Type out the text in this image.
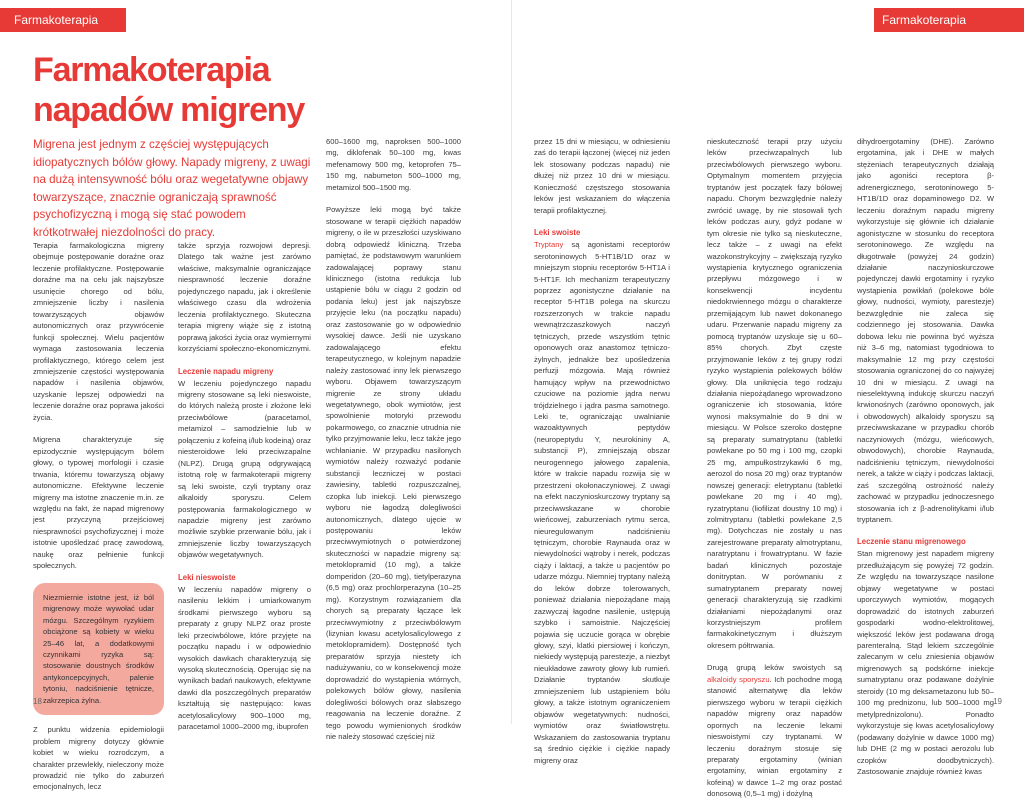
Farmakoterapia
Farmakoterapia
napadów migreny

Migrena jest jednym z częściej występujących idiopatycznych bólów głowy. Napady migreny, z uwagi na dużą intensywność bólu oraz wegetatywne objawy towarzyszące, znacznie ograniczają sprawność psychofizyczną i mogą się stać powodem krótkotrwałej niezdolności do pracy.

Terapia farmakologiczna migreny obejmuje postępowanie doraźne oraz leczenie profilaktyczne. Postępowanie doraźne ma na celu jak najszybsze usunięcie chorego od bólu, zmniejszenie liczby i nasilenia towarzyszących objawów autonomicznych oraz przywrócenie funkcji społecznej. Wielu pacjentów wymaga zastosowania leczenia profilaktycznego, którego celem jest zmniejszenie częstości występowania napadów i nasilenia objawów, uzyskanie lepszej odpowiedzi na leczenie doraźne oraz poprawa jakości życia.

Migrena charakteryzuje się epizodycznie występującym bólem głowy, o typowej morfologii i czasie trwania, któremu towarzyszą objawy autonomiczne. Efektywne leczenie migreny ma istotne znaczenie m.in. ze względu na fakt, że napad migrenowy jest przyczyną przejściowej niesprawności psychofizycznej i może istotnie upośledzać pracę zawodową, naukę oraz pełnienie funkcji społecznych.

Niezmiernie istotne jest, iż ból migrenowy może wywołać udar mózgu. Szczególnym ryzykiem obciążone są kobiety w wieku 25–46 lat, a dodatkowymi czynnikami ryzyka są: stosowanie doustnych środków antykoncepcyjnych, palenie tytoniu, nadciśnienie tętnicze, zakrzepica żylna.

Z punktu widzenia epidemiologii problem migreny dotyczy głównie kobiet w wieku rozrodczym, a charakter przewlekły, nieleczony może prowadzić nie tylko do zaburzeń emocjonalnych, lecz

także sprzyja rozwojowi depresji. Dlatego tak ważne jest zarówno właściwe, maksymalnie ograniczające niesprawność leczenie doraźne pojedynczego napadu, jak i określenie właściwego czasu dla wdrożenia leczenia profilaktycznego. Skuteczna terapia migreny wiąże się z istotną poprawą jakości życia oraz wymiernymi korzyściami społeczno-ekonomicznymi.

Leczenie napadu migreny

W leczeniu pojedynczego napadu migreny stosowane są leki nieswoiste, do których należą proste i złożone leki przeciwbólowe (paracetamol, metamizol – samodzielnie lub w połączeniu z kofeiną i/lub kodeiną) oraz niesteroidowe leki przeciwzapalne (NLPZ). Drugą grupą odgrywającą istotną rolę w farmakoterapii migreny są leki swoiste, czyli tryptany oraz alkaloidy sporyszu. Celem postępowania farmakologicznego w napadzie migreny jest zarówno możliwie szybkie przerwanie bólu, jak i zmniejszenie liczby towarzyszących objawów wegetatywnych.

Leki nieswoiste

W leczeniu napadów migreny o nasileniu lekkim i umiarkowanym środkami pierwszego wyboru są preparaty z grupy NLPZ oraz proste leki przeciwbólowe, które przyjęte na początku napadu i w odpowiednio wysokich dawkach charakteryzują się wysoką skutecznością. Operując się na wynikach badań naukowych, efektywne dawki dla poszczególnych preparatów kształtują się następująco: kwas acetylosalicylowy 900–1000 mg, paracetamol 1000–2000 mg, ibuprofen

600–1600 mg, naproksen 500–1000 mg, diklofenak 50–100 mg, kwas mefenamowy 500 mg, ketoprofen 75–150 mg, nabumeton 500–1000 mg, metamizol 500–1500 mg.

Powyższe leki mogą być także stosowane w terapii ciężkich napadów migreny, o ile w przeszłości uzyskiwano dobrą odpowiedź kliniczną. Trzeba pamiętać, że podstawowym warunkiem zadowalającej poprawy stanu klinicznego (istotna redukcja lub ustąpienie bólu w ciągu 2 godzin od podania leku) jest jak najszybsze przyjęcie leku (na początku napadu) oraz zastosowanie go w odpowiednio wysokiej dawce. Jeśli nie uzyskano zadowalającego efektu terapeutycznego, w kolejnym napadzie należy zastosować inny lek pierwszego wyboru. Objawem towarzyszącym migrenie ze strony układu wegetatywnego, obok wymiotów, jest spowolnienie motoryki przewodu pokarmowego, co znacznie utrudnia nie tylko przyjmowanie leku, lecz także jego wchłanianie. W przypadku nasilonych wymiotów należy rozważyć podanie substancji leczniczej w postaci zawiesiny, tabletki rozpuszczalnej, czopka lub iniekcji. Leki pierwszego wyboru nie łagodzą dolegliwości autonomicznych, dlatego ujęcie w postępowaniu leków przeciwwymiotnych o potwierdzonej skuteczności w napadzie migreny są: metoklopramid (10 mg), a także domperidon (20–60 mg), tietylperazyna (6,5 mg) oraz prochlorperazyna (10–25 mg). Korzystnym rozwiązaniem dla chorych są preparaty łączące lek przeciwwymiotny z przeciwbólowym (lizynian kwasu acetylosalicylowego z metoklopramidem). Dostępność tych preparatów sprzyja niestety ich nadużywaniu, co w konsekwencji może doprowadzić do wystąpienia wtórnych, polekowych bólów głowy, nasilenia dolegliwości bólowych oraz słabszego reagowania na leczenie doraźne. Z tego powodu wymienionych środków nie należy stosować częściej niż

18
Farmakoterapia

przez 15 dni w miesiącu, w odniesieniu zaś do terapii łączonej (więcej niż jeden lek stosowany podczas napadu) nie dłużej niż przez 10 dni w miesiącu. Konieczność częstszego stosowania leków jest wskazaniem do włączenia terapii profilaktycznej.

Leki swoiste

Tryptany są agonistami receptorów serotoninowych 5-HT1B/1D oraz w mniejszym stopniu receptorów 5-HT1A i 5-HT1F. Ich mechanizm terapeutyczny poprzez agonistyczne działanie na receptor 5-HT1B polega na skurczu rozszerzonych w trakcie napadu wewnątrzczaszkowych naczyń tętniczych, przede wszystkim tętnic oponowych oraz anastomoz tętniczo-żylnych, jednakże bez upośledzenia perfuzji mózgowia. Mają również hamujący wpływ na przewodnictwo czuciowe na poziomie jądra nerwu trójdzielnego i jądra pasma samotnego. Leki te, ograniczając uwalnianie wazoaktywnych peptydów (neuropeptydu Y, neurokininy A, substancji P), zmniejszają obszar neurogennego jałowego zapalenia, które w trakcie napadu rozwija się w przestrzeni okołonaczyniowej. Z uwagi na efekt naczynioskurczowy tryptany są przeciwwskazane w chorobie wieńcowej, zaburzeniach rytmu serca, nieuregulowanym nadciśnieniu tętniczym, chorobie Raynauda oraz w niewydolności wątroby i nerek, podczas ciąży i laktacji, a także u pacjentów po udarze mózgu. Niemniej tryptany należą do leków dobrze tolerowanych, ponieważ działania niepożądane mają zazwyczaj łagodne nasilenie, ustępują szybko i samoistnie. Najczęściej pojawia się uczucie gorąca w obrębie głowy, szyi, klatki piersiowej i kończyn, niekiedy występują parestezje, a niezbyt nieukładowe zawroty głowy lub rumień. Działanie tryptanów skutkuje zmniejszeniem lub ustąpieniem bólu głowy, a także istotnym ograniczeniem objawów wegetatywnych: nudności, wymiotów oraz światłowstrętu. Wskazaniem do zastosowania tryptanu są średnio ciężkie i ciężkie napady migreny oraz

nieskuteczność terapii przy użyciu leków przeciwzapalnych lub przeciwbólowych pierwszego wyboru. Optymalnym momentem przyjęcia tryptanów jest początek fazy bólowej napadu. Chorym bezwzględnie należy zwrócić uwagę, by nie stosowali tych leków podczas aury, gdyż podane w tym okresie nie tylko są nieskuteczne, lecz także – z uwagi na efekt wazokonstrykcyjny – zwiększają ryzyko wystąpienia krytycznego ograniczenia przepływu mózgowego i w konsekwencji incydentu niedokrwiennego mózgu o charakterze przemijającym lub nawet dokonanego udaru. Przerwanie napadu migreny za pomocą tryptanów uzyskuje się u 60–85% chorych. Zbyt częste przyjmowanie leków z tej grupy rodzi ryzyko wystąpienia polekowych bólów głowy. Dla uniknięcia tego rodzaju działania niepożądanego wprowadzono ograniczenie ich stosowania, które wynosi maksymalnie do 9 dni w miesiącu. W Polsce szeroko dostępne są preparaty sumatryptanu (tabletki powlekane po 50 mg i 100 mg, czopki 25 mg, ampułkostrzykawki 6 mg, aerozol do nosa 20 mg) oraz tryptanów nowszej generacji: eletryptanu (tabletki powlekane 20 mg i 40 mg), ryzatryptanu (liofilizat doustny 10 mg) i zolmitryptanu (tabletki powlekane 2,5 mg). Dotychczas nie zostały u nas zarejestrowane preparaty almotryptanu, naratryptanu i frowatryptanu. W fazie badań klinicznych pozostaje donitryptan. W porównaniu z sumatryptanem preparaty nowej generacji charakteryzują się rzadkimi działaniami niepożądanymi oraz korzystniejszym profilem farmakokinetycznym i dłuższym okresem półtrwania.

Drugą grupą leków swoistych są alkaloidy sporyszu. Ich pochodne mogą stanowić alternatywę dla leków pierwszego wyboru w terapii ciężkich napadów migreny oraz napadów opornych na leczenie lekami nieswoistymi czy tryptanami. W leczeniu doraźnym stosuje się preparaty ergotaminy (winian ergotaminy, winian ergotaminy z kofeiną) w dawce 1–2 mg oraz postać donosową (0,5–1 mg) i dożylną

dihydroergotaminy (DHE). Zarówno ergotamina, jak i DHE w małych stężeniach terapeutycznych działają jako agoniści receptora β-adrenergicznego, serotoninowego 5-HT1B/1D oraz dopaminowego D2. W leczeniu doraźnym napadu migreny wykorzystuje się głównie ich działanie agonistyczne w stosunku do receptora serotoninowego. Ze względu na długotrwałe (powyżej 24 godzin) działanie naczynioskurczowe pojedynczej dawki ergotaminy i ryzyko wystąpienia powikłań (polekowe bóle głowy, nudności, wymioty, parestezje) bezwzględnie nie zaleca się codziennego jej stosowania. Dawka dobowa leku nie powinna być wyższa niż 3–6 mg, natomiast tygodniowa to maksymalnie 12 mg przy częstości stosowania ograniczonej do co najwyżej 10 dni w miesiącu. Z uwagi na nieselektywną indukcję skurczu naczyń krwionośnych (zarówno oponowych, jak i obwodowych) alkaloidy sporyszu są przeciwwskazane w przypadku chorób naczyniowych (mózgu, wieńcowych, obwodowych), chorobie Raynauda, nadciśnieniu tętniczym, niewydolności nerek, a także w ciąży i podczas laktacji, zaś szczególną ostrożność należy zachować w przypadku jednoczesnego stosowania ich z β-adrenolitykami i/lub tryptanem.

Leczenie stanu migrenowego

Stan migrenowy jest napadem migreny przedłużającym się powyżej 72 godzin. Ze względu na towarzyszące nasilone objawy wegetatywne w postaci uporczywych wymiotów, mogących doprowadzić do istotnych zaburzeń gospodarki wodno-elektrolitowej, większość leków jest podawana drogą parenteralną. Stąd lekiem szczególnie zalecanym w celu zniesienia objawów migrenowych są podskórne iniekcje sumatryptanu oraz podawane dożylnie steroidy (10 mg deksametazonu lub 50–100 mg prednizonu, lub 500–1000 mg metylprednizolonu). Ponadto wykorzystuje się kwas acetylosalicylowy (podawany dożylnie w dawce 1000 mg) lub DHE (2 mg w postaci aerozolu lub czopków doodbytniczych). Zastosowanie znajduje również kwas

19
